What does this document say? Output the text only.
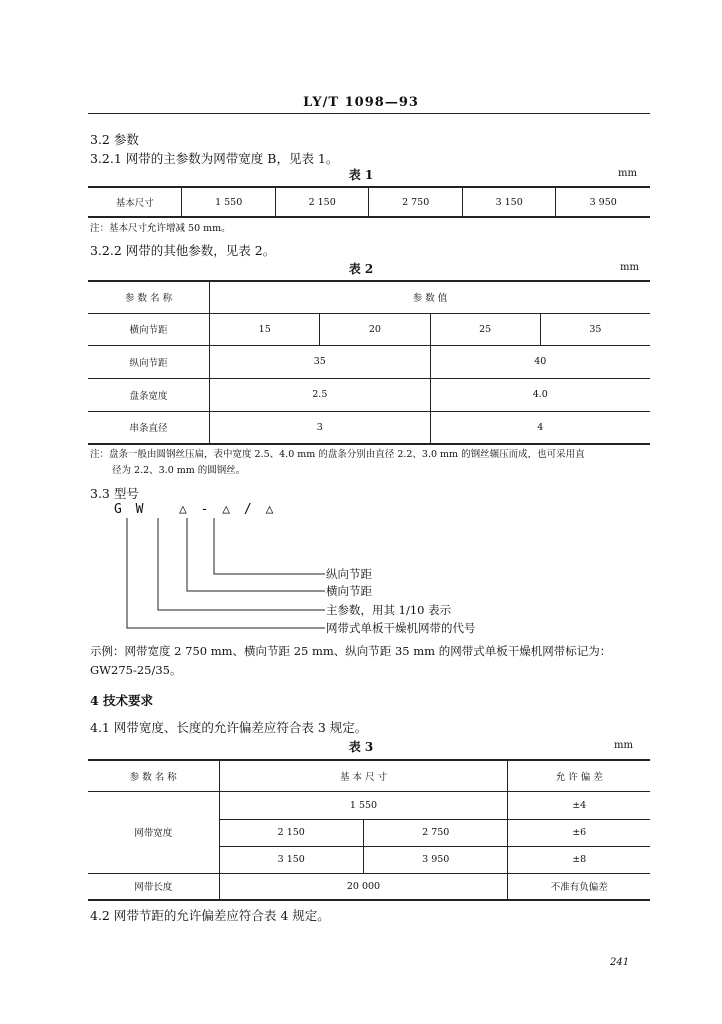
LY/T 1098—93
3.2 参数
3.2.1 网带的主参数为网带宽度 B，见表 1。
表 1	mm
基本尺寸	1 550	2 150	2 750	3 150	3 950
注：基本尺寸允许增减 50 mm。
3.2.2 网带的其他参数，见表 2。
表 2	mm
参 数 名 称	参 数 值			
横向节距	15	20	25	35
纵向节距	35		40	
盘条宽度	2.5		4.0	
串条直径	3		4	
注：盘条一般由圆钢丝压扁，表中宽度 2.5、4.0 mm 的盘条分别由直径 2.2、3.0 mm 的钢丝辗压而成，也可采用直
径为 2.2、3.0 mm 的圆钢丝。
3.3 型号
G W   △ - △ / △
纵向节距
横向节距
主参数，用其 1/10 表示
网带式单板干燥机网带的代号
示例：网带宽度 2 750 mm、横向节距 25 mm、纵向节距 35 mm 的网带式单板干燥机网带标记为：
GW275-25/35。
4 技术要求
4.1 网带宽度、长度的允许偏差应符合表 3 规定。
表 3	mm
参 数 名 称	基 本 尺 寸		允 许 偏 差
网带宽度	1 550		±4
	2 150	2 750	±6
	3 150	3 950	±8
网带长度	20 000		不准有负偏差
4.2 网带节距的允许偏差应符合表 4 规定。
241
